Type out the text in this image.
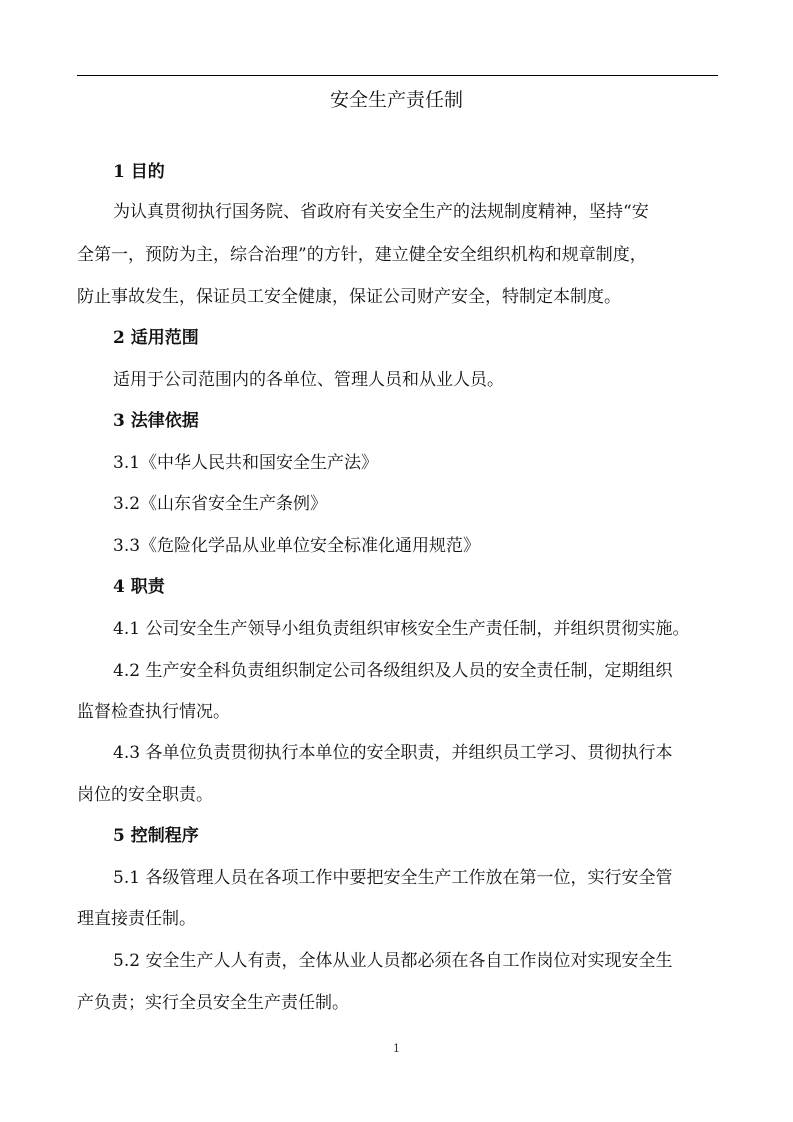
安全生产责任制
1 目的
为认真贯彻执行国务院、省政府有关安全生产的法规制度精神，坚持“安
全第一，预防为主，综合治理”的方针，建立健全安全组织机构和规章制度，
防止事故发生，保证员工安全健康，保证公司财产安全，特制定本制度。
2 适用范围
适用于公司范围内的各单位、管理人员和从业人员。
3 法律依据
3.1《中华人民共和国安全生产法》
3.2《山东省安全生产条例》
3.3《危险化学品从业单位安全标准化通用规范》
4 职责
4.1 公司安全生产领导小组负责组织审核安全生产责任制，并组织贯彻实施。
4.2 生产安全科负责组织制定公司各级组织及人员的安全责任制，定期组织
监督检查执行情况。
4.3 各单位负责贯彻执行本单位的安全职责，并组织员工学习、贯彻执行本
岗位的安全职责。
5 控制程序
5.1 各级管理人员在各项工作中要把安全生产工作放在第一位，实行安全管
理直接责任制。
5.2 安全生产人人有责，全体从业人员都必须在各自工作岗位对实现安全生
产负责；实行全员安全生产责任制。
1
